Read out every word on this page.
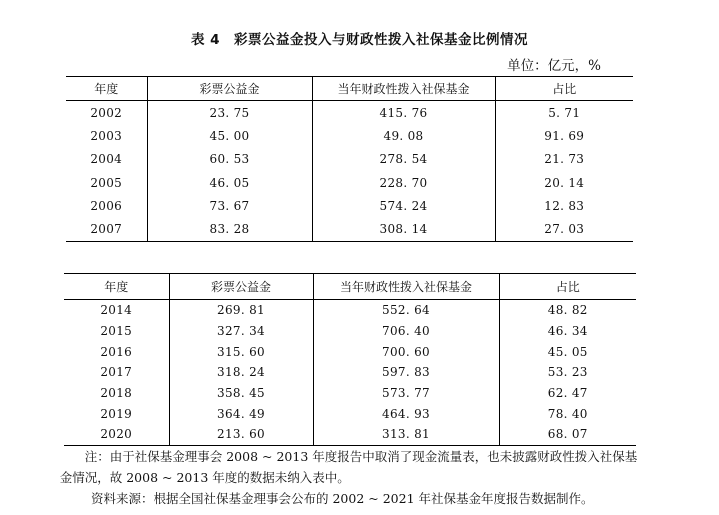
表 4　彩票公益金投入与财政性拨入社保基金比例情况
单位：亿元，%
年度	彩票公益金	当年财政性拨入社保基金	占比
2002	23. 75	415. 76	5. 71
2003	45. 00	49. 08	91. 69
2004	60. 53	278. 54	21. 73
2005	46. 05	228. 70	20. 14
2006	73. 67	574. 24	12. 83
2007	83. 28	308. 14	27. 03
年度	彩票公益金	当年财政性拨入社保基金	占比
2014	269. 81	552. 64	48. 82
2015	327. 34	706. 40	46. 34
2016	315. 60	700. 60	45. 05
2017	318. 24	597. 83	53. 23
2018	358. 45	573. 77	62. 47
2019	364. 49	464. 93	78. 40
2020	213. 60	313. 81	68. 07

注：由于社保基金理事会 2008 ~ 2013 年度报告中取消了现金流量表，也未披露财政性拨入社保基金情况，故 2008 ~ 2013 年度的数据未纳入表中。

资料来源：根据全国社保基金理事会公布的 2002 ~ 2021 年社保基金年度报告数据制作。
